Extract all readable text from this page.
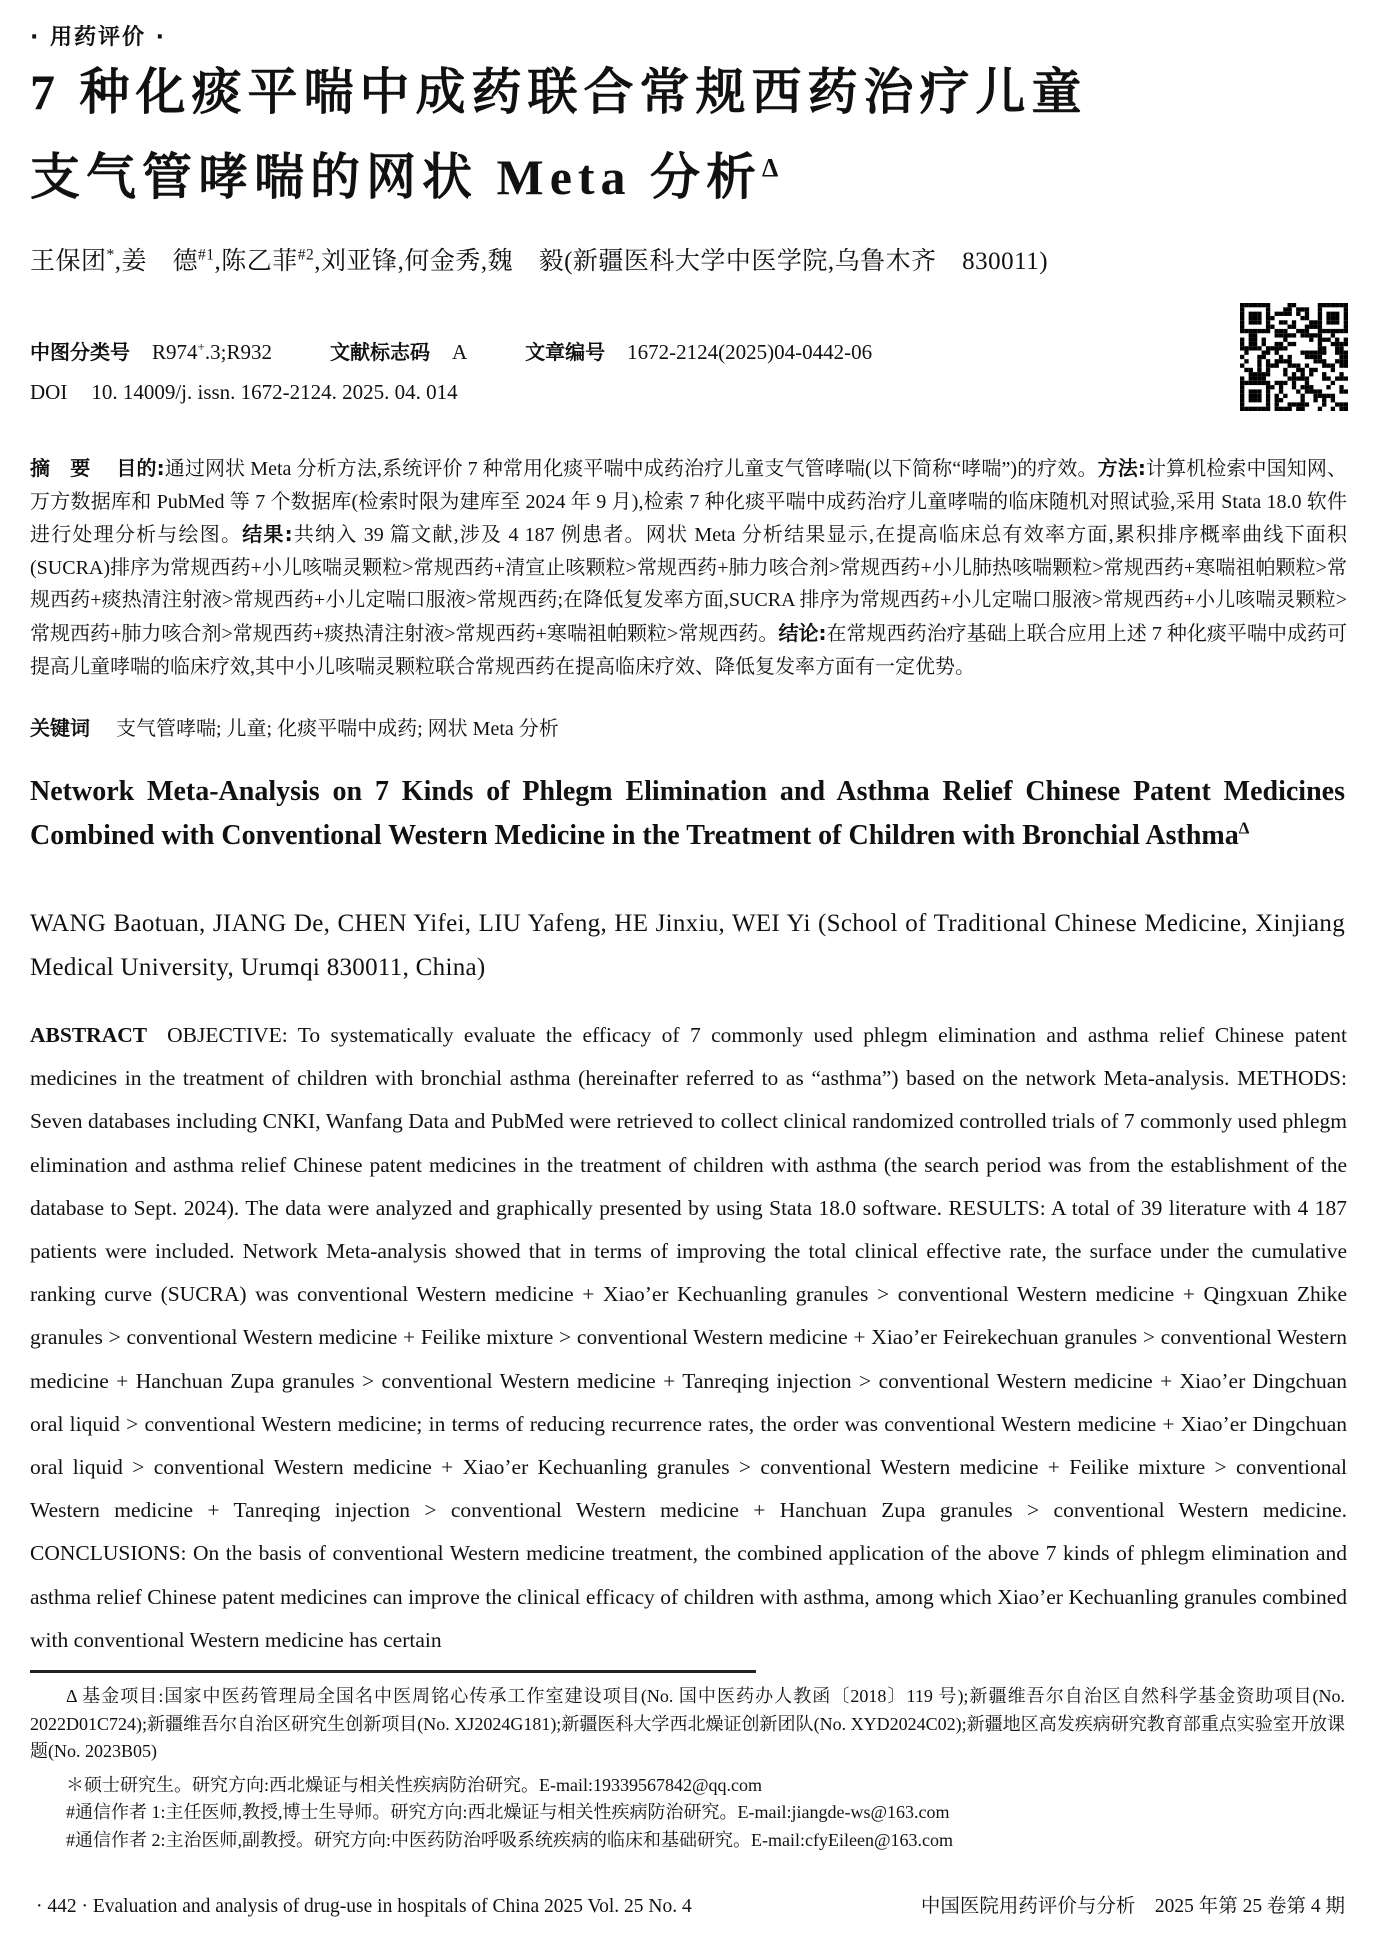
· 用药评价 ·
7 种化痰平喘中成药联合常规西药治疗儿童
支气管哮喘的网状 Meta 分析$^\Delta$
王保团*,姜　德$^{\#1}$,陈乙菲$^{\#2}$,刘亚锋,何金秀,魏　毅(新疆医科大学中医学院,乌鲁木齐　830011)
中图分类号 R974+.3;R932	文献标志码 A	文章编号 1672-2124(2025)04-0442-06
DOI 10. 14009/j. issn. 1672-2124. 2025. 04. 014
摘　要 目的:通过网状 Meta 分析方法,系统评价 7 种常用化痰平喘中成药治疗儿童支气管哮喘(以下简称“哮喘”)的疗效。方法:计算机检索中国知网、万方数据库和 PubMed 等 7 个数据库(检索时限为建库至 2024 年 9 月),检索 7 种化痰平喘中成药治疗儿童哮喘的临床随机对照试验,采用 Stata 18.0 软件进行处理分析与绘图。结果:共纳入 39 篇文献,涉及 4 187 例患者。网状 Meta 分析结果显示,在提高临床总有效率方面,累积排序概率曲线下面积(SUCRA)排序为常规西药+小儿咳喘灵颗粒>常规西药+清宣止咳颗粒>常规西药+肺力咳合剂>常规西药+小儿肺热咳喘颗粒>常规西药+寒喘祖帕颗粒>常规西药+痰热清注射液>常规西药+小儿定喘口服液>常规西药;在降低复发率方面,SUCRA 排序为常规西药+小儿定喘口服液>常规西药+小儿咳喘灵颗粒>常规西药+肺力咳合剂>常规西药+痰热清注射液>常规西药+寒喘祖帕颗粒>常规西药。结论:在常规西药治疗基础上联合应用上述 7 种化痰平喘中成药可提高儿童哮喘的临床疗效,其中小儿咳喘灵颗粒联合常规西药在提高临床疗效、降低复发率方面有一定优势。
关键词 支气管哮喘; 儿童; 化痰平喘中成药; 网状 Meta 分析
Network Meta-Analysis on 7 Kinds of Phlegm Elimination and Asthma Relief Chinese Patent Medicines Combined with Conventional Western Medicine in the Treatment of Children with Bronchial Asthma$^\Delta$
WANG Baotuan, JIANG De, CHEN Yifei, LIU Yafeng, HE Jinxiu, WEI Yi (School of Traditional Chinese Medicine, Xinjiang Medical University, Urumqi 830011, China)
ABSTRACT OBJECTIVE: To systematically evaluate the efficacy of 7 commonly used phlegm elimination and asthma relief Chinese patent medicines in the treatment of children with bronchial asthma (hereinafter referred to as “asthma”) based on the network Meta-analysis. METHODS: Seven databases including CNKI, Wanfang Data and PubMed were retrieved to collect clinical randomized controlled trials of 7 commonly used phlegm elimination and asthma relief Chinese patent medicines in the treatment of children with asthma (the search period was from the establishment of the database to Sept. 2024). The data were analyzed and graphically presented by using Stata 18.0 software. RESULTS: A total of 39 literature with 4 187 patients were included. Network Meta-analysis showed that in terms of improving the total clinical effective rate, the surface under the cumulative ranking curve (SUCRA) was conventional Western medicine + Xiao’er Kechuanling granules > conventional Western medicine + Qingxuan Zhike granules > conventional Western medicine + Feilike mixture > conventional Western medicine + Xiao’er Feirekechuan granules > conventional Western medicine + Hanchuan Zupa granules > conventional Western medicine + Tanreqing injection > conventional Western medicine + Xiao’er Dingchuan oral liquid > conventional Western medicine; in terms of reducing recurrence rates, the order was conventional Western medicine + Xiao’er Dingchuan oral liquid > conventional Western medicine + Xiao’er Kechuanling granules > conventional Western medicine + Feilike mixture > conventional Western medicine + Tanreqing injection > conventional Western medicine + Hanchuan Zupa granules > conventional Western medicine. CONCLUSIONS: On the basis of conventional Western medicine treatment, the combined application of the above 7 kinds of phlegm elimination and asthma relief Chinese patent medicines can improve the clinical efficacy of children with asthma, among which Xiao’er Kechuanling granules combined with conventional Western medicine has certain

Δ 基金项目:国家中医药管理局全国名中医周铭心传承工作室建设项目(No. 国中医药办人教函〔2018〕119 号);新疆维吾尔自治区自然科学基金资助项目(No. 2022D01C724);新疆维吾尔自治区研究生创新项目(No. XJ2024G181);新疆医科大学西北燥证创新团队(No. XYD2024C02);新疆地区高发疾病研究教育部重点实验室开放课题(No. 2023B05)

＊硕士研究生。研究方向:西北燥证与相关性疾病防治研究。E-mail:19339567842@qq.com

#通信作者 1:主任医师,教授,博士生导师。研究方向:西北燥证与相关性疾病防治研究。E-mail:jiangde-ws@163.com

#通信作者 2:主治医师,副教授。研究方向:中医药防治呼吸系统疾病的临床和基础研究。E-mail:cfyEileen@163.com

· 442 · Evaluation and analysis of drug-use in hospitals of China 2025 Vol. 25 No. 4	中国医院用药评价与分析　2025 年第 25 卷第 4 期
